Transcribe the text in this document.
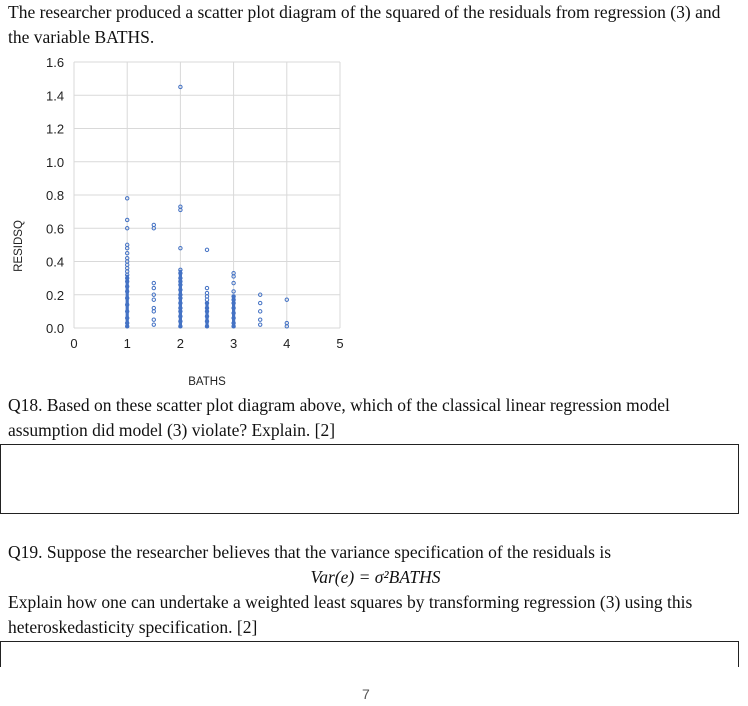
The researcher produced a scatter plot diagram of the squared of the residuals from regression (3) and the variable BATHS.

0.0
0.2
0.4
0.6
0.8
1.0
1.2
1.4
1.6
0	1	2	3	4	5
RESIDSQ
BATHS

Q18. Based on these scatter plot diagram above, which of the classical linear regression model assumption did model (3) violate? Explain. [2]

Q19. Suppose the researcher believes that the variance specification of the residuals is
Var(e) = σ²BATHS
Explain how one can undertake a weighted least squares by transforming regression (3) using this heteroskedasticity specification. [2]

7
